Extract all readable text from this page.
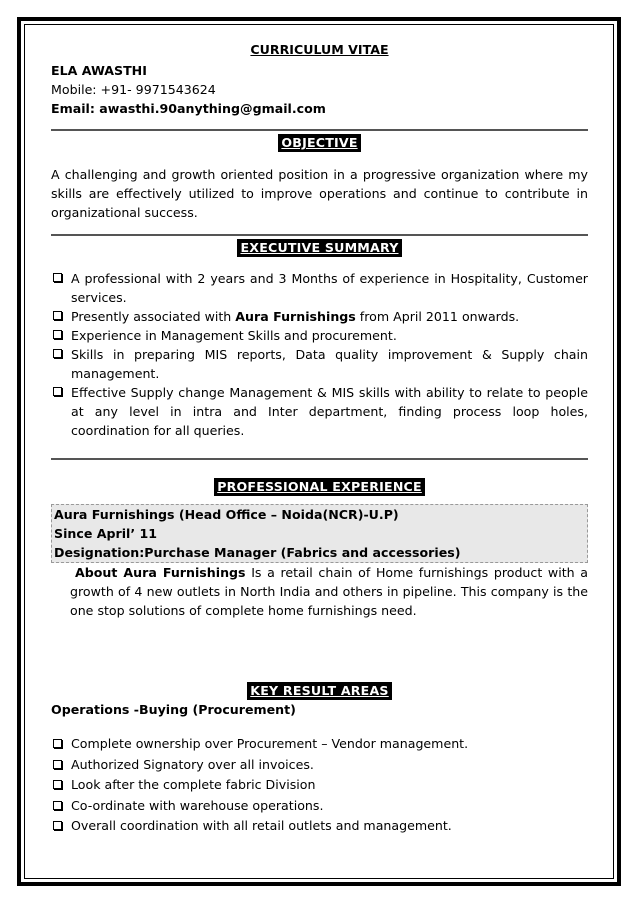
CURRICULUM VITAE
ELA AWASTHI
Mobile: +91- 9971543624
Email: awasthi.90anything@gmail.com
OBJECTIVE
A challenging and growth oriented position in a progressive organization where my skills are effectively utilized to improve operations and continue to contribute in organizational success.
EXECUTIVE SUMMARY
A professional with 2 years and 3 Months of experience in Hospitality, Customer services.
Presently associated with Aura Furnishings from April 2011 onwards.
Experience in Management Skills and procurement.
Skills in preparing MIS reports, Data quality improvement & Supply chain management.
Effective Supply change Management & MIS skills with ability to relate to people at any level in intra and Inter department, finding process loop holes, coordination for all queries.
PROFESSIONAL EXPERIENCE
Aura Furnishings (Head Office – Noida(NCR)-U.P)
Since April’ 11
Designation:Purchase Manager (Fabrics and accessories)
About Aura Furnishings Is a retail chain of Home furnishings product with a growth of 4 new outlets in North India and others in pipeline. This company is the one stop solutions of complete home furnishings need.
KEY RESULT AREAS
Operations -Buying (Procurement)
Complete ownership over Procurement – Vendor management.
Authorized Signatory over all invoices.
Look after the complete fabric Division
Co-ordinate with warehouse operations.
Overall coordination with all retail outlets and management.
